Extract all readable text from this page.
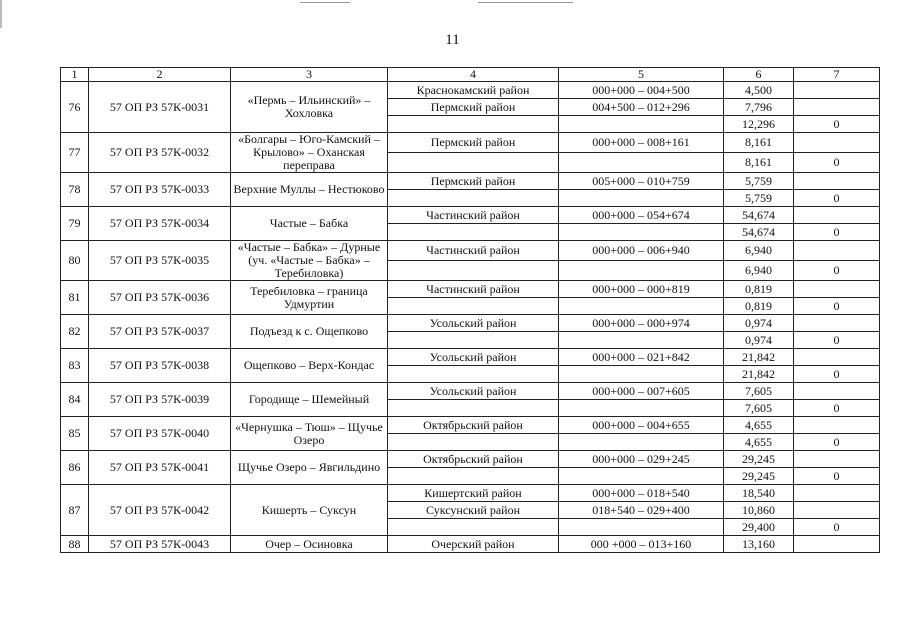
11
1	2	3	4	5	6	7
76	57 ОП РЗ 57К-0031	«Пермь – Ильинский» – Хохловка	Краснокамский район	000+000 – 004+500	4,500	
			Пермский район	004+500 – 012+296	7,796	
					12,296	0
77	57 ОП РЗ 57К-0032	«Болгары – Юго-Камский – Крылово» – Оханская переправа	Пермский район	000+000 – 008+161	8,161	
					8,161	0
78	57 ОП РЗ 57К-0033	Верхние Муллы – Нестюково	Пермский район	005+000 – 010+759	5,759	
					5,759	0
79	57 ОП РЗ 57К-0034	Частые – Бабка	Частинский район	000+000 – 054+674	54,674	
					54,674	0
80	57 ОП РЗ 57К-0035	«Частые – Бабка» – Дурные (уч. «Частые – Бабка» – Теребиловка)	Частинский район	000+000 – 006+940	6,940	
					6,940	0
81	57 ОП РЗ 57К-0036	Теребиловка – граница Удмуртии	Частинский район	000+000 – 000+819	0,819	
					0,819	0
82	57 ОП РЗ 57К-0037	Подъезд к с. Ощепково	Усольский район	000+000 – 000+974	0,974	
					0,974	0
83	57 ОП РЗ 57К-0038	Ощепково – Верх-Кондас	Усольский район	000+000 – 021+842	21,842	
					21,842	0
84	57 ОП РЗ 57К-0039	Городище – Шемейный	Усольский район	000+000 – 007+605	7,605	
					7,605	0
85	57 ОП РЗ 57К-0040	«Чернушка – Тюш» – Щучье Озеро	Октябрьский район	000+000 – 004+655	4,655	
					4,655	0
86	57 ОП РЗ 57К-0041	Щучье Озеро – Явгильдино	Октябрьский район	000+000 – 029+245	29,245	
					29,245	0
87	57 ОП РЗ 57К-0042	Кишерть – Суксун	Кишертский район	000+000 – 018+540	18,540	
			Суксунский район	018+540 – 029+400	10,860	
					29,400	0
88	57 ОП РЗ 57К-0043	Очер – Осиновка	Очерский район	000 +000 – 013+160	13,160	
